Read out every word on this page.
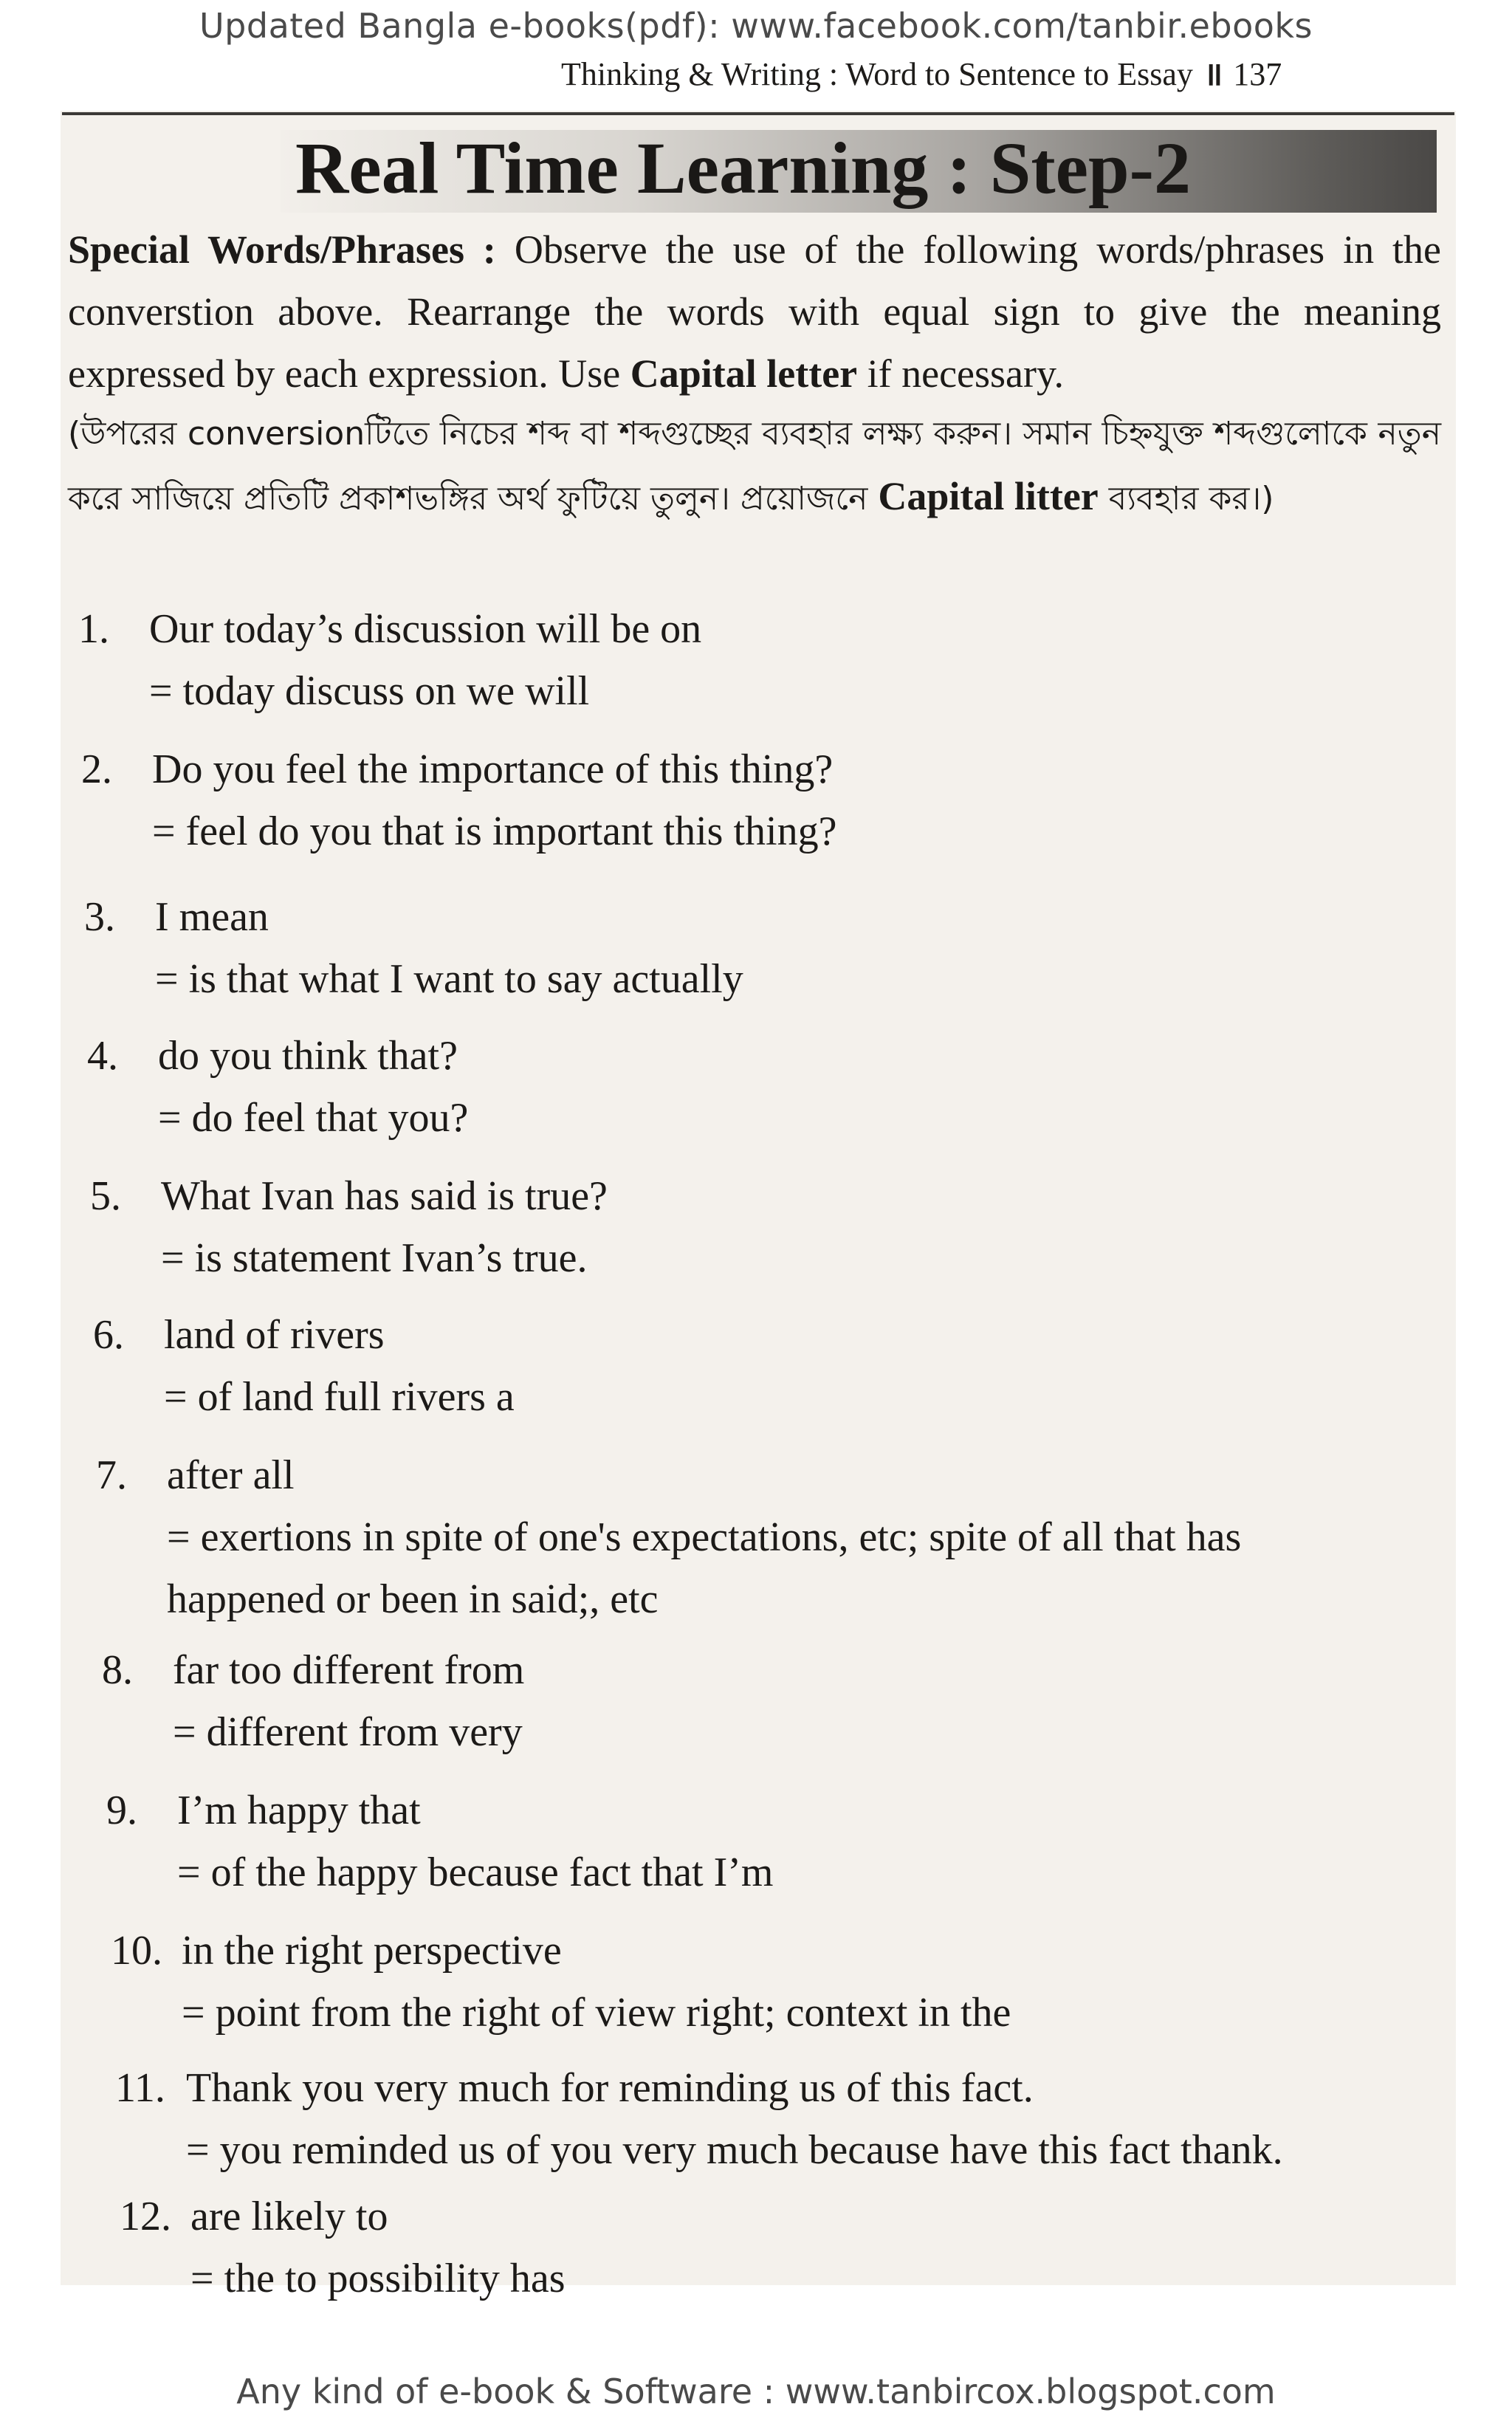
Updated Bangla e-books(pdf): www.facebook.com/tanbir.ebooks
Thinking & Writing : Word to Sentence to Essay ॥ 137
Real Time Learning : Step-2
Special Words/Phrases : Observe the use of the following words/phrases in the converstion above. Rearrange the words with equal sign to give the meaning expressed by each expression. Use Capital letter if necessary.
(উপরের conversionটিতে নিচের শব্দ বা শব্দগুচ্ছের ব্যবহার লক্ষ্য করুন। সমান চিহ্নযুক্ত শব্দগুলোকে নতুন করে সাজিয়ে প্রতিটি প্রকাশভঙ্গির অর্থ ফুটিয়ে তুলুন। প্রয়োজনে Capital litter ব্যবহার কর।)
1. Our today’s discussion will be on
= today discuss on we will
2. Do you feel the importance of this thing?
= feel do you that is important this thing?
3. I mean
= is that what I want to say actually
4. do you think that?
= do feel that you?
5. What Ivan has said is true?
= is statement Ivan’s true.
6. land of rivers
= of land full rivers a
7. after all
= exertions in spite of one's expectations, etc; spite of all that has
happened or been in said;, etc
8. far too different from
= different from very
9. I’m happy that
= of the happy because fact that I’m
10. in the right perspective
= point from the right of view right; context in the
11. Thank you very much for reminding us of this fact.
= you reminded us of you very much because have this fact thank.
12. are likely to
= the to possibility has
Any kind of e-book & Software : www.tanbircox.blogspot.com
